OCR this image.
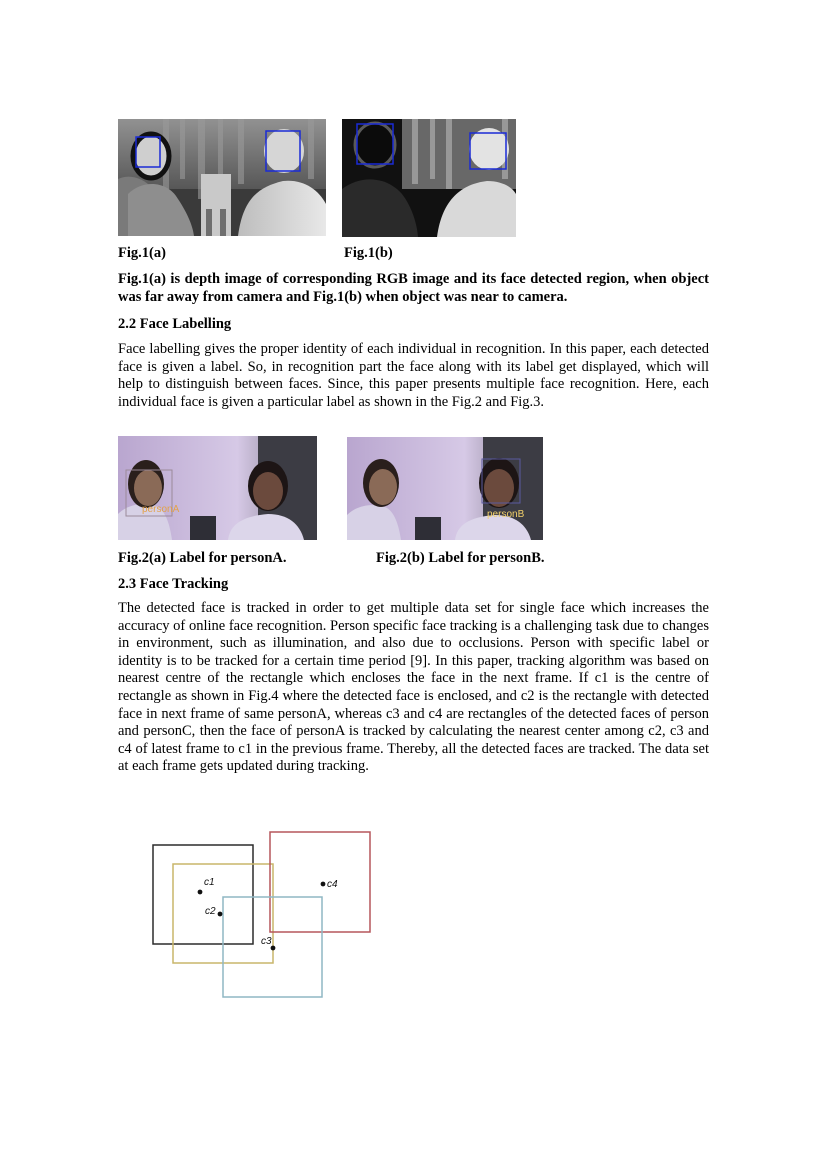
Fig.1(a)	Fig.1(b)
Fig.1(a) is depth image of corresponding RGB image and its face detected region, when object was far away from camera and Fig.1(b) when object was near to camera.
2.2 Face Labelling
Face labelling gives the proper identity of each individual in recognition. In this paper, each detected face is given a label. So, in recognition part the face along with its label get displayed, which will help to distinguish between faces. Since, this paper presents multiple face recognition. Here, each individual face is given a particular label as shown in the Fig.2 and Fig.3.
personA	personB
Fig.2(a) Label for personA.	Fig.2(b) Label for personB.
2.3 Face Tracking
The detected face is tracked in order to get multiple data set for single face which increases the accuracy of online face recognition. Person specific face tracking is a challenging task due to changes in environment, such as illumination, and also due to occlusions. Person with specific label or identity is to be tracked for a certain time period [9]. In this paper, tracking algorithm was based on nearest centre of the rectangle which encloses the face in the next frame. If c1 is the centre of rectangle as shown in Fig.4 where the detected face is enclosed, and c2 is the rectangle with detected face in next frame of same personA, whereas c3 and c4 are rectangles of the detected faces of person and personC, then the face of personA is tracked by calculating the nearest center among c2, c3 and c4 of latest frame to c1 in the previous frame. Thereby, all the detected faces are tracked. The data set at each frame gets updated during tracking.
c1
c2
c3
c4
